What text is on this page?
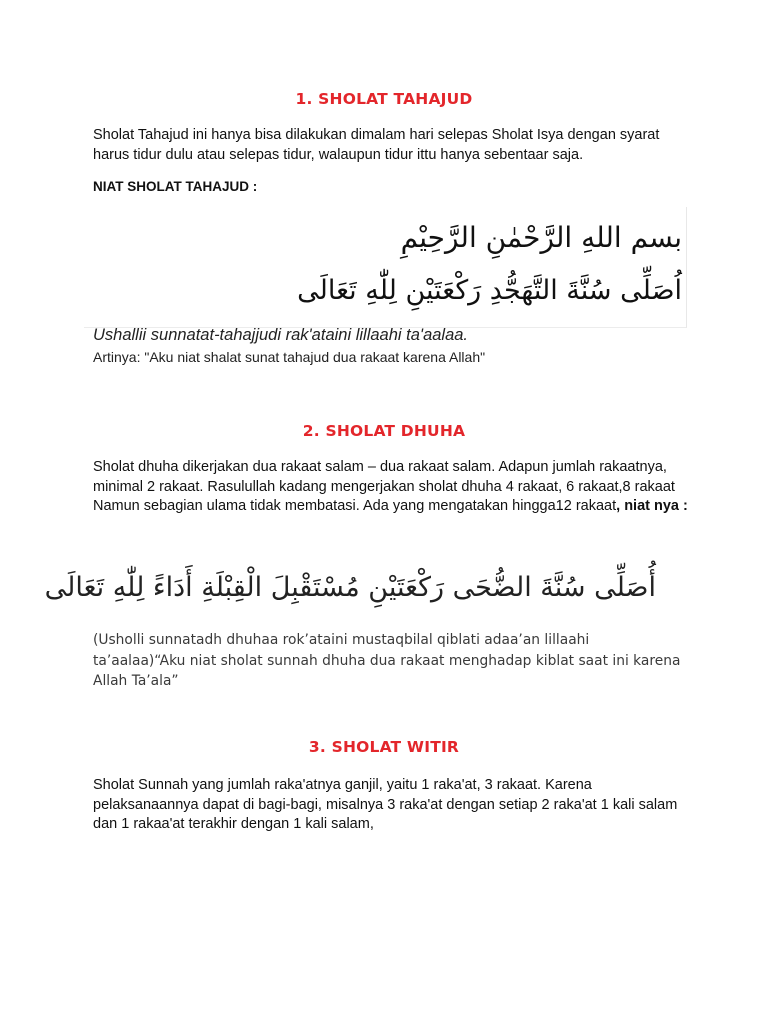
1. SHOLAT TAHAJUD
Sholat Tahajud ini hanya bisa dilakukan dimalam hari selepas Sholat Isya dengan syarat harus tidur dulu atau selepas tidur, walaupun tidur ittu hanya sebentaar saja.
NIAT SHOLAT TAHAJUD :
بسم اللهِ الرَّحْمٰنِ الرَّحِيْمِ
اُصَلِّى سُنَّةَ التَّهَجُّدِ رَكْعَتَيْنِ لِلّٰهِ تَعَالَى
Ushallii sunnatat-tahajjudi rak'ataini lillaahi ta'aalaa.
Artinya: "Aku niat shalat sunat tahajud dua rakaat karena Allah"
2. SHOLAT DHUHA
Sholat dhuha dikerjakan dua rakaat salam – dua rakaat salam. Adapun jumlah rakaatnya, minimal 2 rakaat. Rasulullah kadang mengerjakan sholat dhuha 4 rakaat, 6 rakaat,8 rakaat Namun sebagian ulama tidak membatasi. Ada yang mengatakan hingga12 rakaat, niat nya :
أُصَلِّى سُنَّةَ الضُّحَى رَكْعَتَيْنِ مُسْتَقْبِلَ الْقِبْلَةِ أَدَاءً لِلّٰهِ تَعَالَى
(Usholli sunnatadh dhuhaa rok’ataini mustaqbilal qiblati adaa’an lillaahi ta’aalaa)“Aku niat sholat sunnah dhuha dua rakaat menghadap kiblat saat ini karena Allah Ta’ala”
3. SHOLAT WITIR
Sholat Sunnah yang jumlah raka'atnya ganjil, yaitu 1 raka'at, 3 rakaat. Karena pelaksanaannya dapat di bagi-bagi, misalnya 3 raka'at dengan setiap 2 raka'at 1 kali salam dan 1 rakaa'at terakhir dengan 1 kali salam,
